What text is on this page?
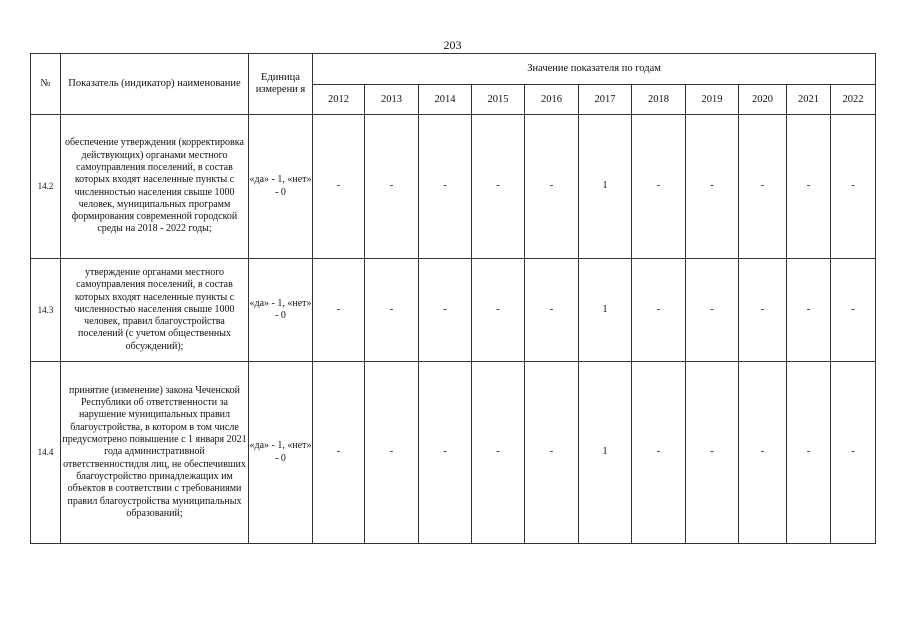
203
№	Показатель (индикатор) наименование	Единица измерени я	Значение показателя по годам										
			2012	2013	2014	2015	2016	2017	2018	2019	2020	2021	2022
14.2	обеспечение утверждения (корректировка действующих) органами местного самоуправления поселений, в состав которых входят населенные пункты с численностью населения свыше 1000 человек, муниципальных программ формирования современной городской среды на 2018 - 2022 годы;	«да» - 1, «нет» - 0	-	-	-	-	-	1	-	-	-	-	-
14.3	утверждение органами местного самоуправления поселений, в состав которых входят населенные пункты с численностью населения свыше 1000 человек, правил благоустройства поселений (с учетом общественных обсуждений);	«да» - 1, «нет» - 0	-	-	-	-	-	1	-	-	-	-	-
14.4	принятие (изменение) закона Чеченской Республики об ответственности за нарушение муниципальных правил благоустройства, в котором в том числе предусмотрено повышение с 1 января 2021 года административной ответственностидля лиц, не обеспечивших благоустройство принадлежащих им объектов в соответствии с требованиями правил благоустройства муниципальных образований;	«да» - 1, «нет» - 0	-	-	-	-	-	1	-	-	-	-	-
